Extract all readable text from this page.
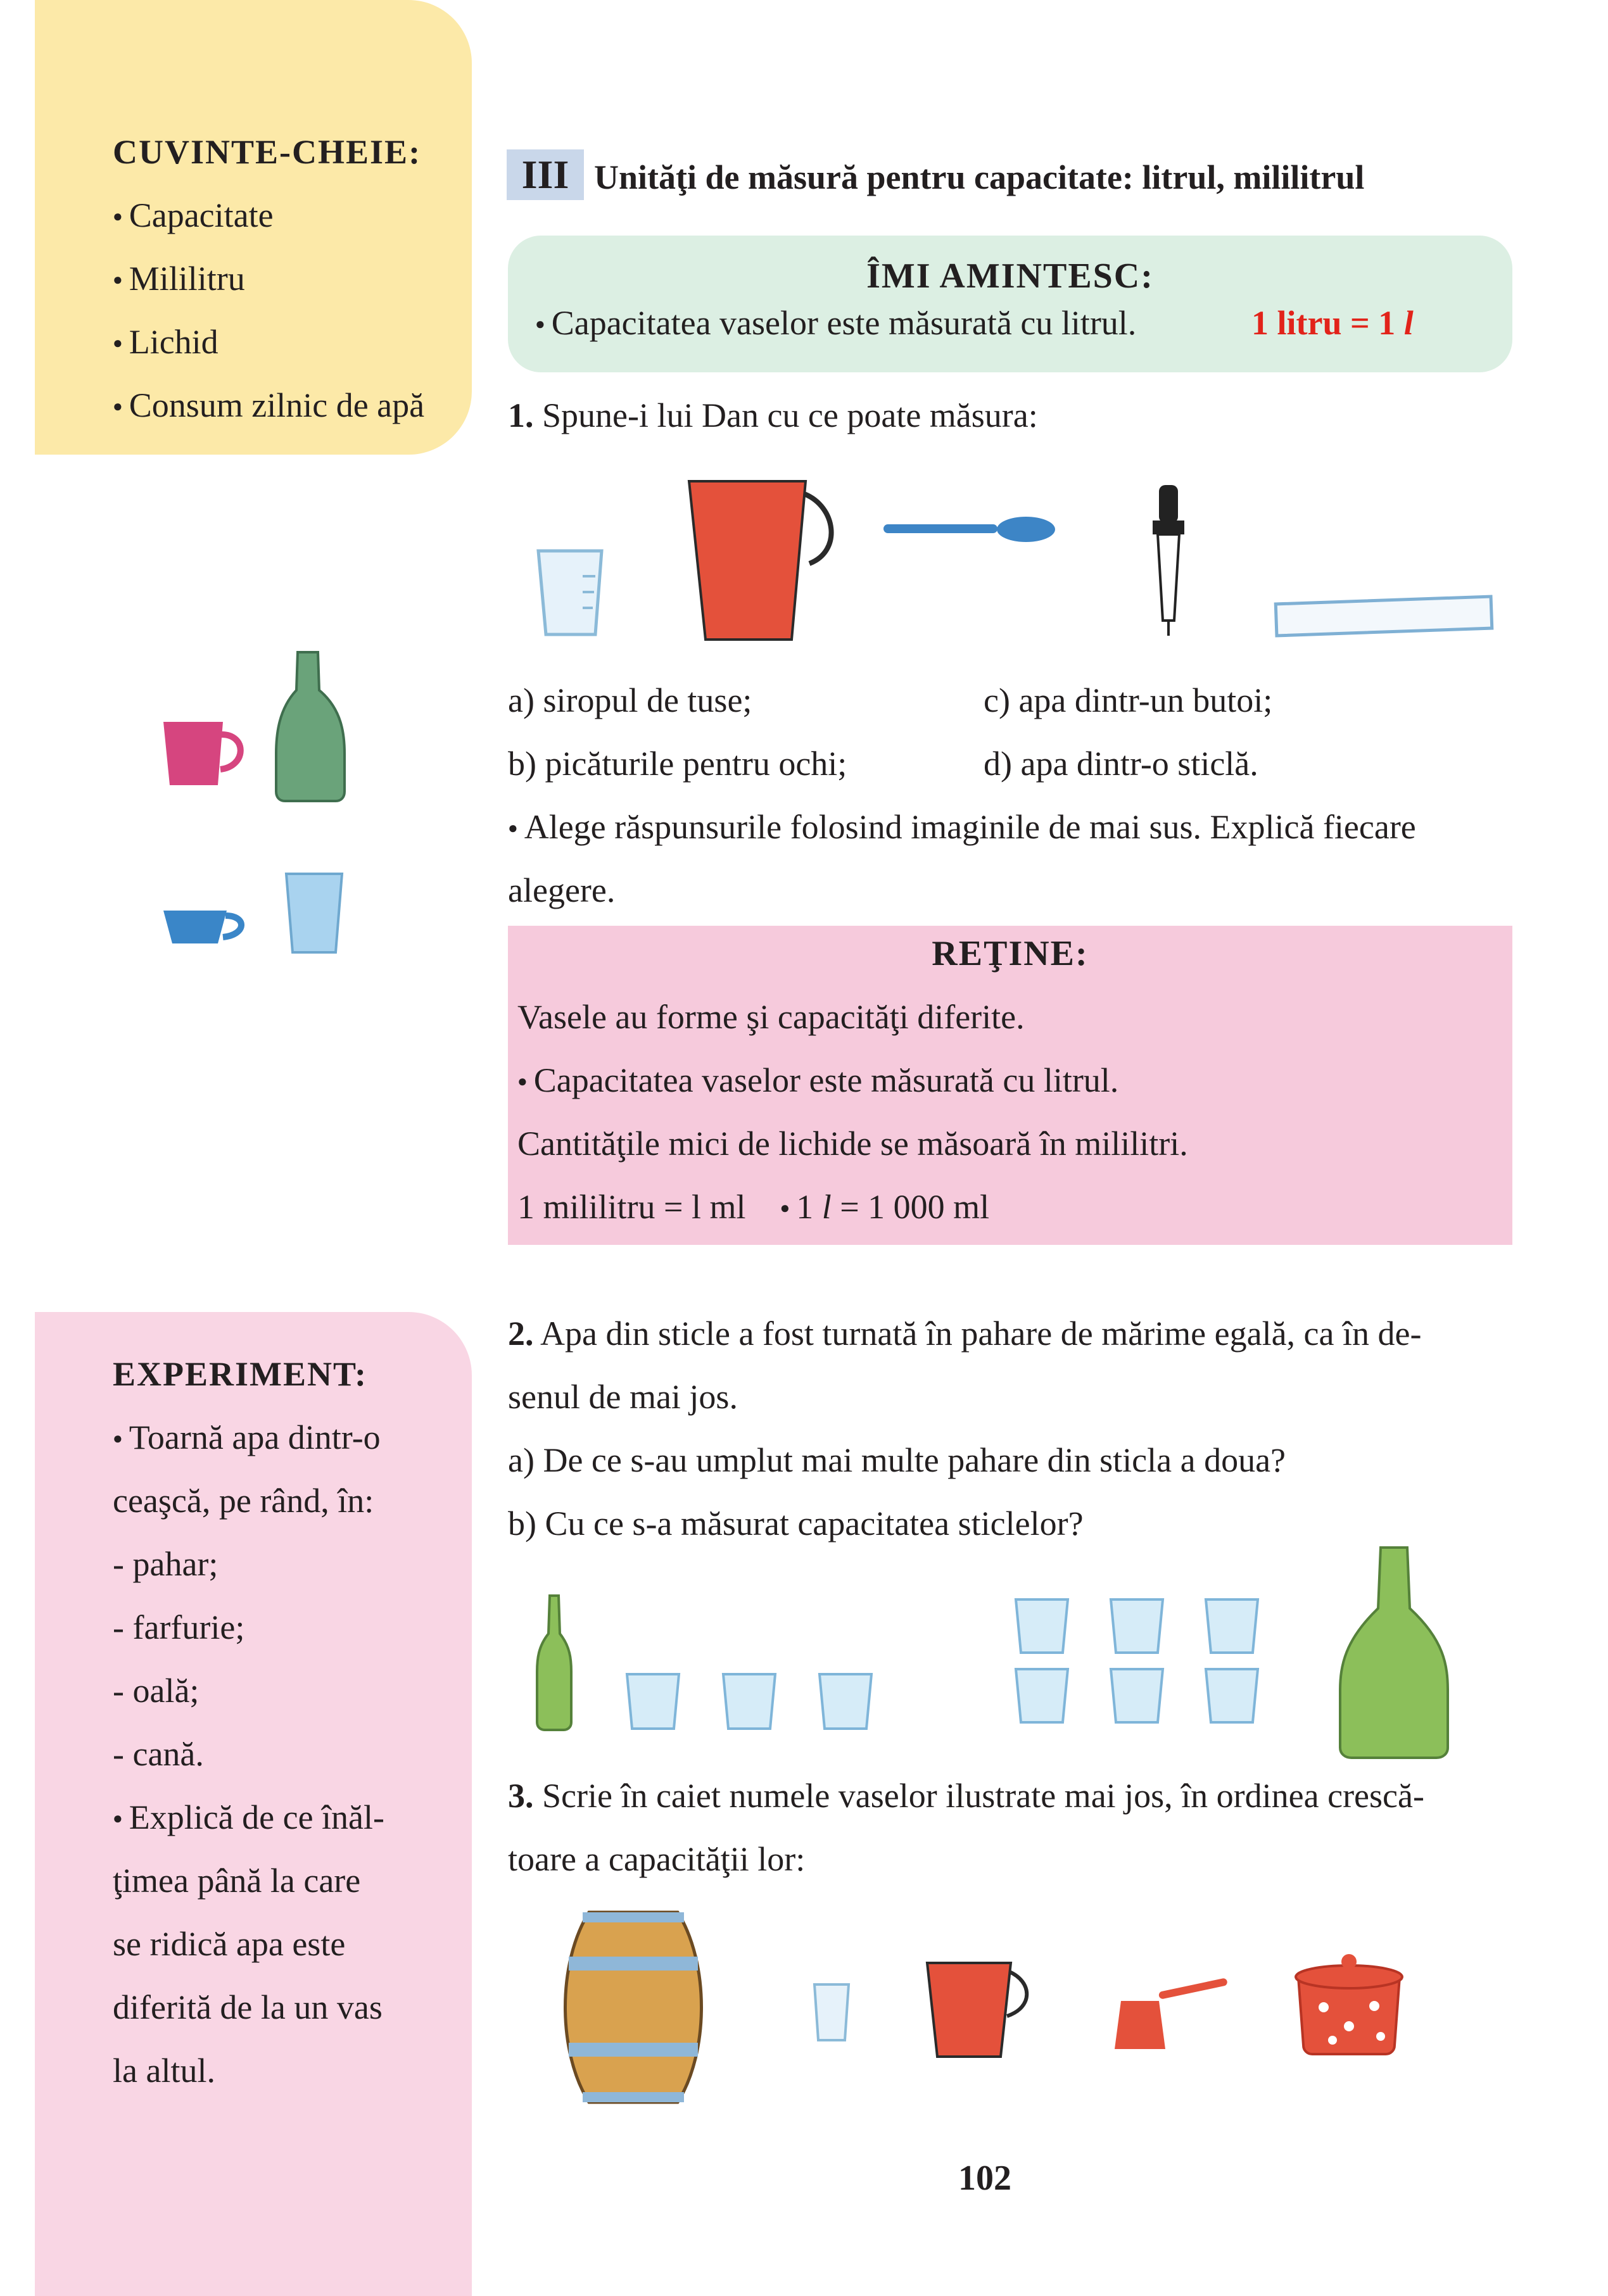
CUVINTE-CHEIE:
● Capacitate
● Mililitru
● Lichid
● Consum zilnic de apă
III Unităţi de măsură pentru capacitate: litrul, mililitrul
ÎMI AMINTESC:
● Capacitatea vaselor este măsurată cu litrul.	1 litru = 1 l
1. Spune-i lui Dan cu ce poate măsura:
a) siropul de tuse;	c) apa dintr-un butoi;
b) picăturile pentru ochi;	d) apa dintr-o sticlă.
● Alege răspunsurile folosind imaginile de mai sus. Explică fiecare
alegere.
REŢINE:
Vasele au forme şi capacităţi diferite.
● Capacitatea vaselor este măsurată cu litrul.
Cantităţile mici de lichide se măsoară în mililitri.
1 mililitru = l ml    ● 1 l = 1 000 ml
EXPERIMENT:
● Toarnă apa dintr-o
ceaşcă, pe rând, în:
- pahar;
- farfurie;
- oală;
- cană.
● Explică de ce înăl-
ţimea până la care
se ridică apa este
diferită de la un vas
la altul.
2. Apa din sticle a fost turnată în pahare de mărime egală, ca în de-
senul de mai jos.
a) De ce s-au umplut mai multe pahare din sticla a doua?
b) Cu ce s-a măsurat capacitatea sticlelor?
3. Scrie în caiet numele vaselor ilustrate mai jos, în ordinea crescă-
toare a capacităţii lor:
102
